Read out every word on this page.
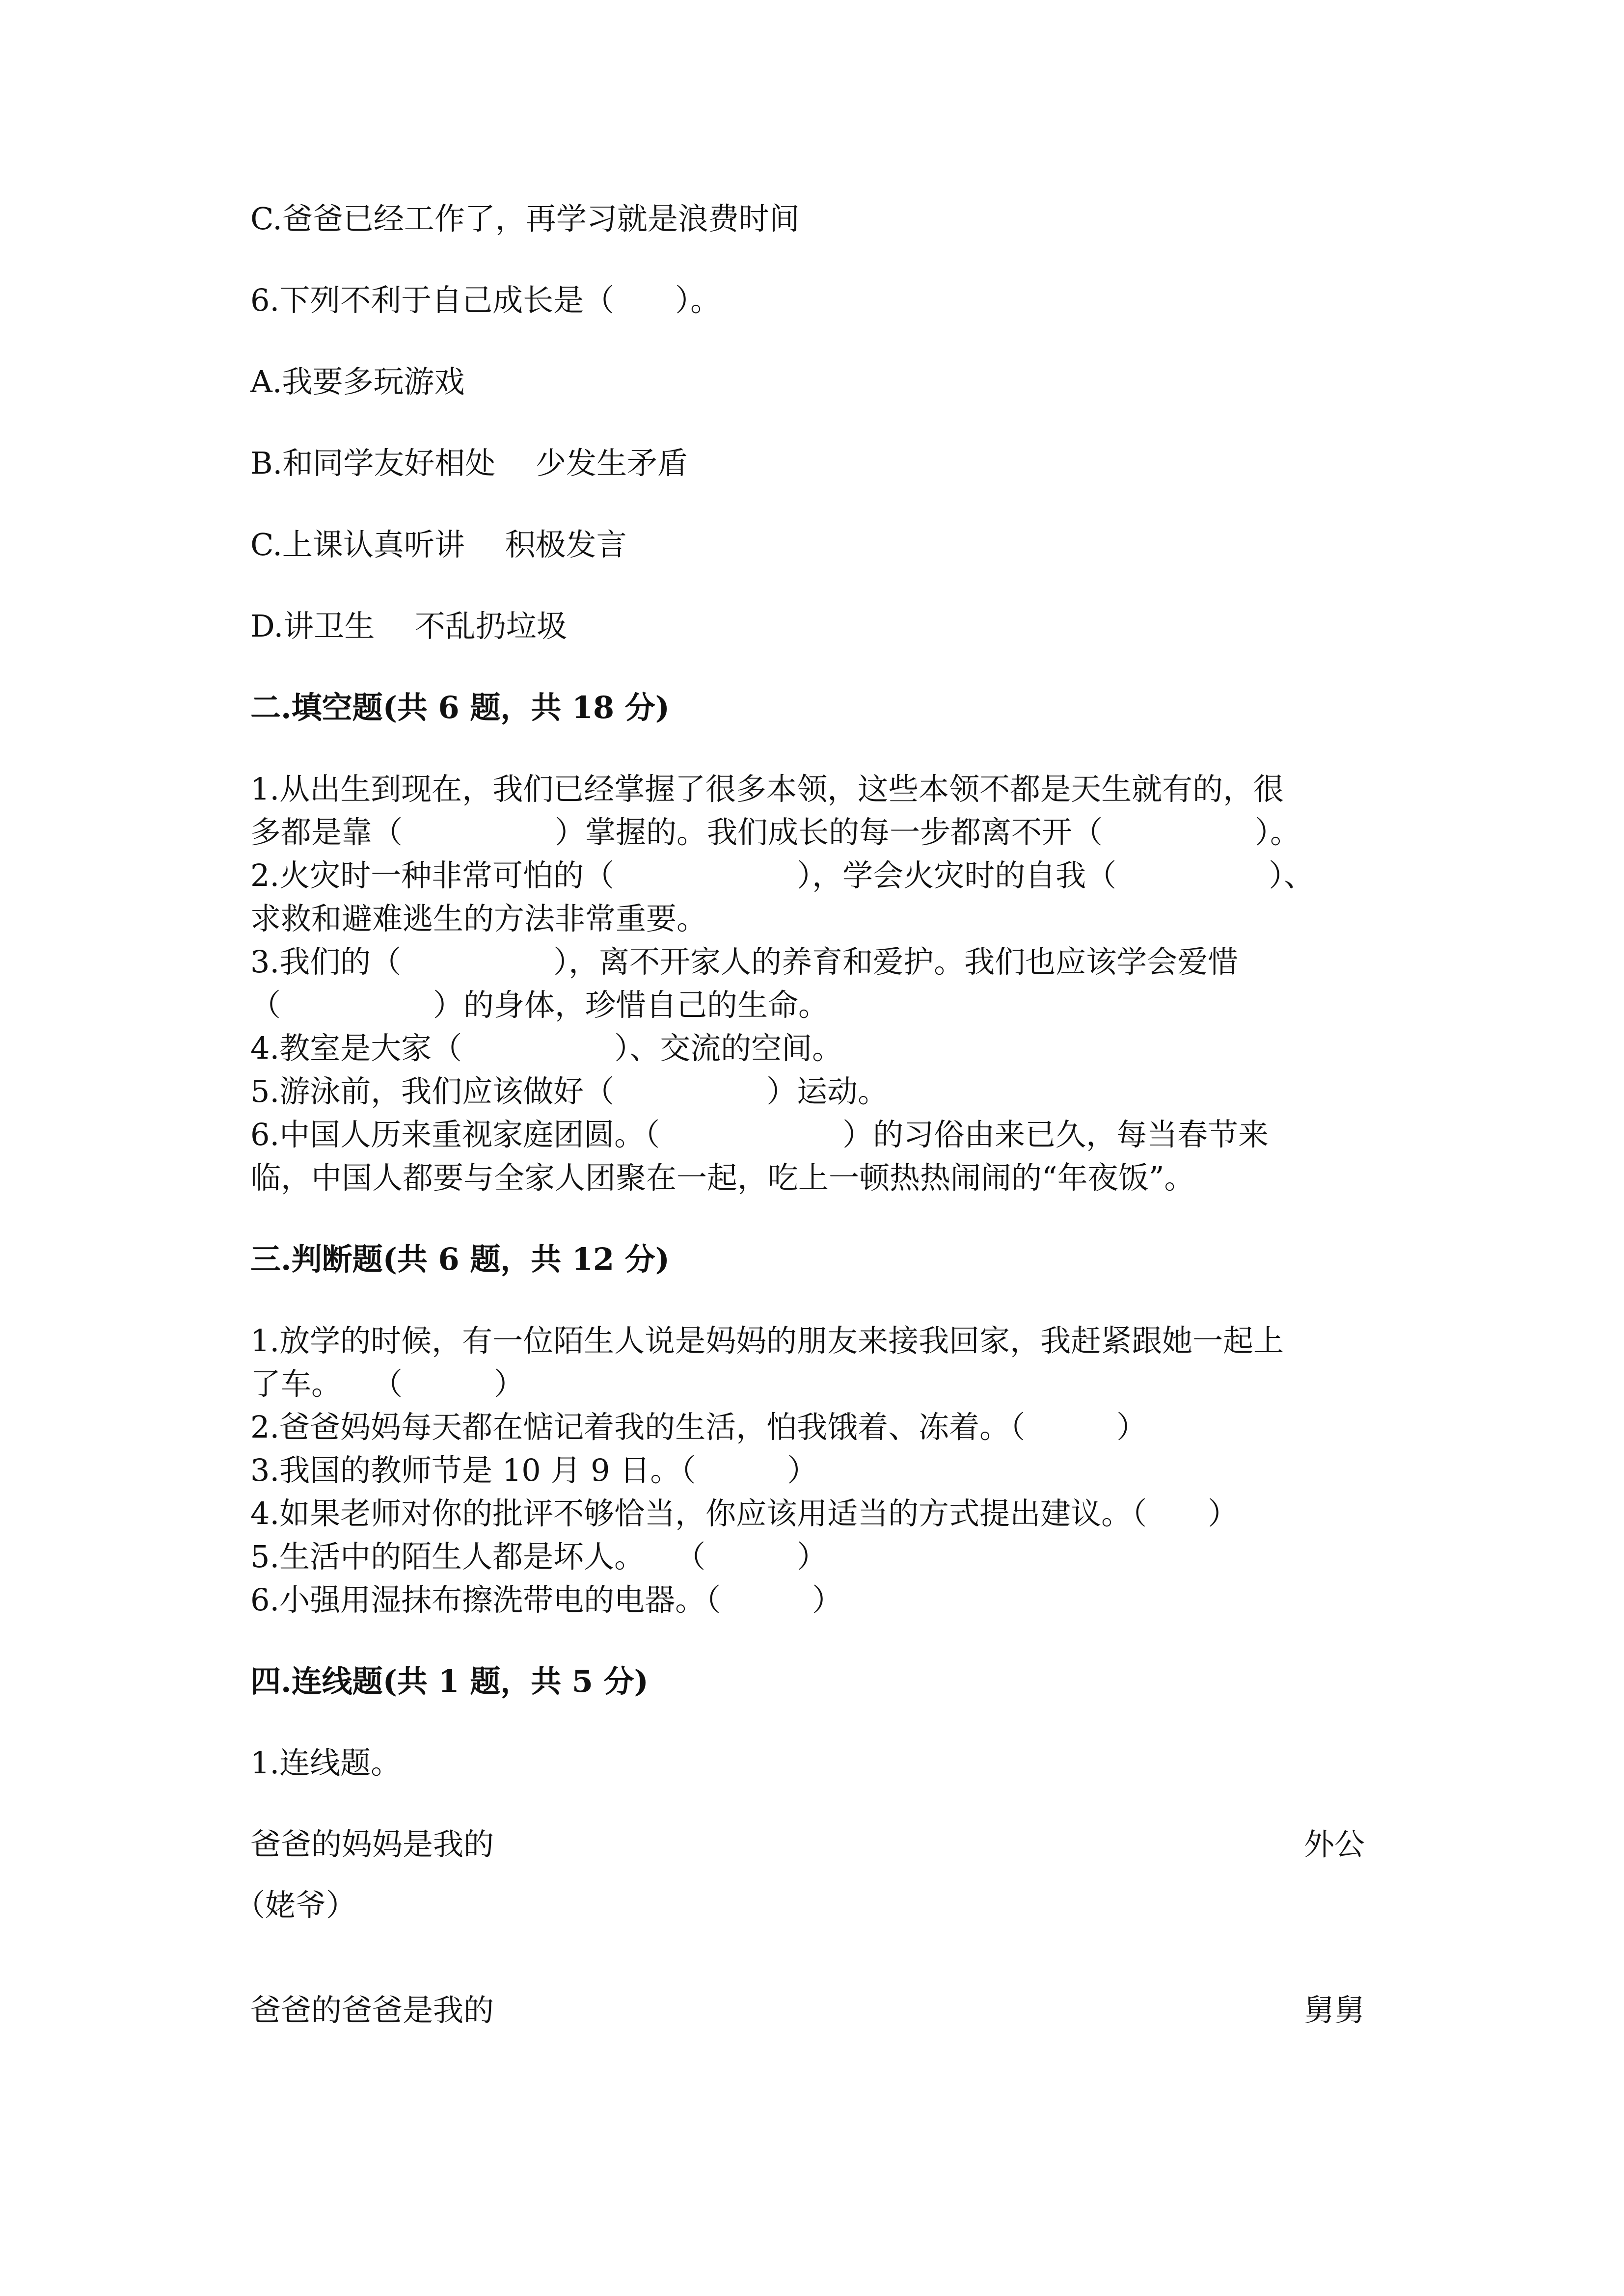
C.爸爸已经工作了，再学习就是浪费时间

6.下列不利于自己成长是（　　）。

A.我要多玩游戏

B.和同学友好相处　 少发生矛盾

C.上课认真听讲　 积极发言

D.讲卫生　 不乱扔垃圾

二.填空题(共 6 题，共 18 分)

1.从出生到现在，我们已经掌握了很多本领，这些本领不都是天生就有的，很

多都是靠（　　　　　）掌握的。我们成长的每一步都离不开（　　　　　）。

2.火灾时一种非常可怕的（　　　　　　），学会火灾时的自我（　　　　　）、

求救和避难逃生的方法非常重要。

3.我们的（　　　　　），离不开家人的养育和爱护。我们也应该学会爱惜

（　　　　　）的身体，珍惜自己的生命。

4.教室是大家（　　　　　）、交流的空间。

5.游泳前，我们应该做好（　　　　　）运动。

6.中国人历来重视家庭团圆。（　　　　　　）的习俗由来已久，每当春节来

临，中国人都要与全家人团聚在一起，吃上一顿热热闹闹的“年夜饭”。

三.判断题(共 6 题，共 12 分)

1.放学的时候，有一位陌生人说是妈妈的朋友来接我回家，我赶紧跟她一起上

了车。　　（　　　）

2.爸爸妈妈每天都在惦记着我的生活，怕我饿着、冻着。（　　　）

3.我国的教师节是 10 月 9 日。（　　　）

4.如果老师对你的批评不够恰当，你应该用适当的方式提出建议。（　　）

5.生活中的陌生人都是坏人。　　（　　　）

6.小强用湿抹布擦洗带电的电器。（　　　）

四.连线题(共 1 题，共 5 分)

1.连线题。

爸爸的妈妈是我的	外公

（姥爷）

爸爸的爸爸是我的	舅舅
